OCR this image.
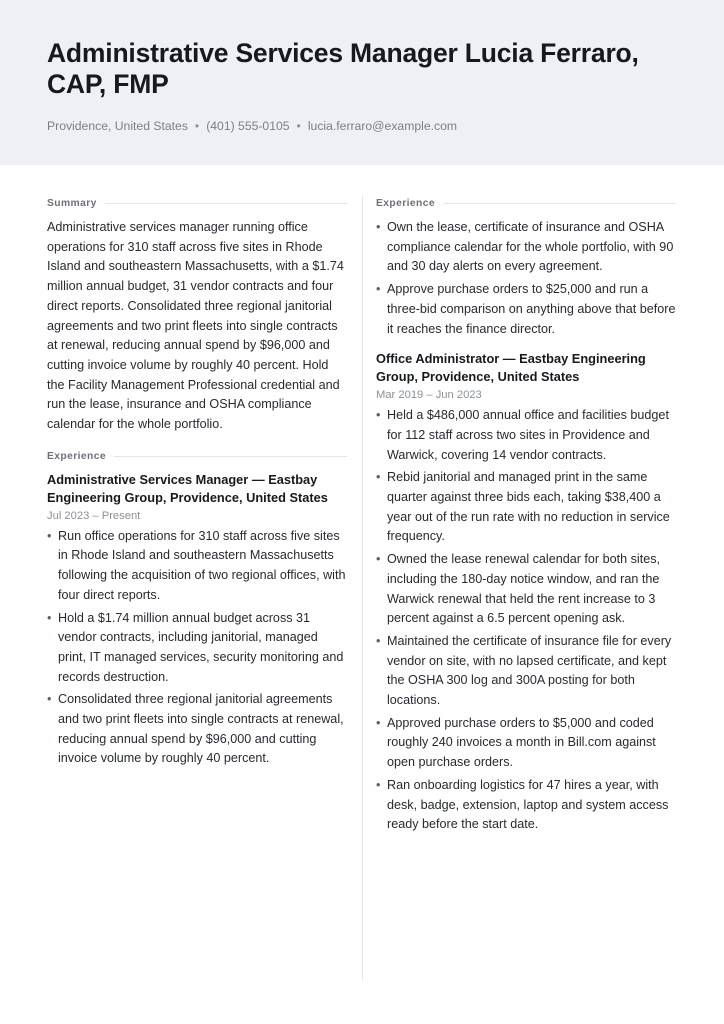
Administrative Services Manager Lucia Ferraro, CAP, FMP
Providence, United States • (401) 555-0105 • lucia.ferraro@example.com
Summary

Administrative services manager running office operations for 310 staff across five sites in Rhode Island and southeastern Massachusetts, with a $1.74 million annual budget, 31 vendor contracts and four direct reports. Consolidated three regional janitorial agreements and two print fleets into single contracts at renewal, reducing annual spend by $96,000 and cutting invoice volume by roughly 40 percent. Hold the Facility Management Professional credential and run the lease, insurance and OSHA compliance calendar for the whole portfolio.

Experience
Administrative Services Manager — Eastbay Engineering Group, Providence, United States
Jul 2023 – Present
• Run office operations for 310 staff across five sites in Rhode Island and southeastern Massachusetts following the acquisition of two regional offices, with four direct reports.
• Hold a $1.74 million annual budget across 31 vendor contracts, including janitorial, managed print, IT managed services, security monitoring and records destruction.
• Consolidated three regional janitorial agreements and two print fleets into single contracts at renewal, reducing annual spend by $96,000 and cutting invoice volume by roughly 40 percent.
Experience
• Own the lease, certificate of insurance and OSHA compliance calendar for the whole portfolio, with 90 and 30 day alerts on every agreement.
• Approve purchase orders to $25,000 and run a three-bid comparison on anything above that before it reaches the finance director.
Office Administrator — Eastbay Engineering Group, Providence, United States
Mar 2019 – Jun 2023
• Held a $486,000 annual office and facilities budget for 112 staff across two sites in Providence and Warwick, covering 14 vendor contracts.
• Rebid janitorial and managed print in the same quarter against three bids each, taking $38,400 a year out of the run rate with no reduction in service frequency.
• Owned the lease renewal calendar for both sites, including the 180-day notice window, and ran the Warwick renewal that held the rent increase to 3 percent against a 6.5 percent opening ask.
• Maintained the certificate of insurance file for every vendor on site, with no lapsed certificate, and kept the OSHA 300 log and 300A posting for both locations.
• Approved purchase orders to $5,000 and coded roughly 240 invoices a month in Bill.com against open purchase orders.
• Ran onboarding logistics for 47 hires a year, with desk, badge, extension, laptop and system access ready before the start date.
